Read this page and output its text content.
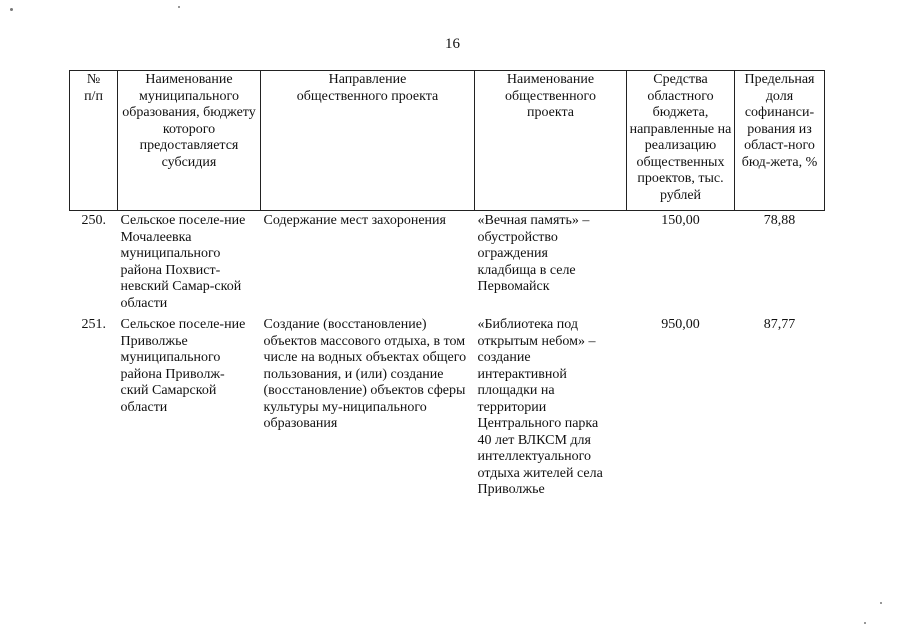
16
№ п/п	Наименование муниципального образования, бюджету которого предоставляется субсидия	Направление общественного проекта	Наименование общественного проекта	Средства областного бюджета, направленные на реализацию общественных проектов, тыс. рублей	Предельная доля софинанси-рования из област-ного бюд-жета, %

250.	Сельское поселе-ние Мочалеевка муниципального района Похвист-невский Самар-ской области	Содержание мест захоронения	«Вечная память» – обустройство ограждения кладбища в селе Первомайск	150,00	78,88
251.	Сельское поселе-ние Приволжье муниципального района Приволж-ский Самарской области	Создание (восстановление) объектов массового отдыха, в том числе на водных объектах общего пользования, и (или) создание (восстановление) объектов сферы культуры му-ниципального образования	«Библиотека под открытым небом» – создание интерактивной площадки на территории Центрального парка 40 лет ВЛКСМ для интеллектуального отдыха жителей села Приволжье	950,00	87,77
